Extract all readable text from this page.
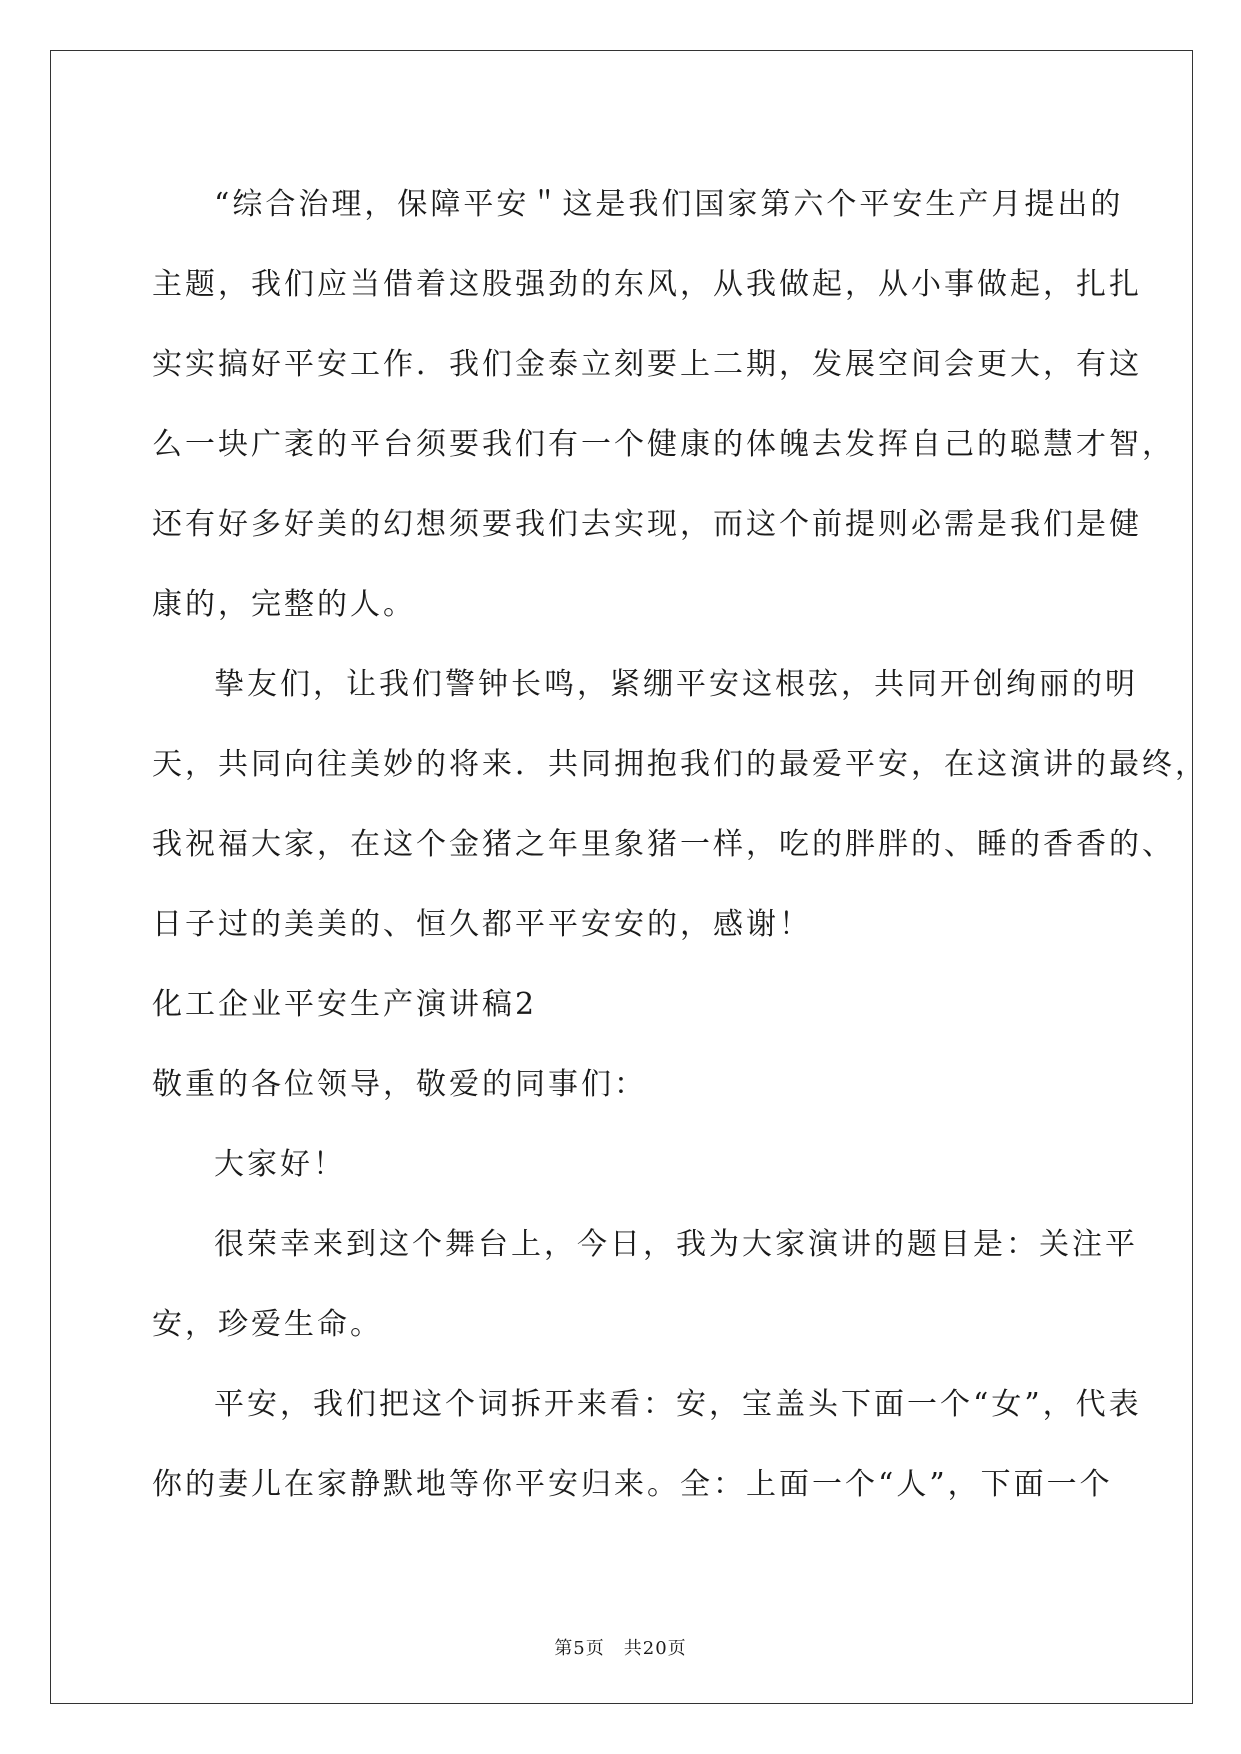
“综合治理，保障平安＂这是我们国家第六个平安生产月提出的
主题，我们应当借着这股强劲的东风，从我做起，从小事做起，扎扎
实实搞好平安工作．我们金泰立刻要上二期，发展空间会更大，有这
么一块广袤的平台须要我们有一个健康的体魄去发挥自己的聪慧才智，
还有好多好美的幻想须要我们去实现，而这个前提则必需是我们是健
康的，完整的人。

挚友们，让我们警钟长鸣，紧绷平安这根弦，共同开创绚丽的明
天，共同向往美妙的将来．共同拥抱我们的最爱平安，在这演讲的最终，
我祝福大家，在这个金猪之年里象猪一样，吃的胖胖的、睡的香香的、
日子过的美美的、恒久都平平安安的，感谢！

化工企业平安生产演讲稿2

敬重的各位领导，敬爱的同事们：

大家好！

很荣幸来到这个舞台上，今日，我为大家演讲的题目是：关注平
安，珍爱生命。

平安，我们把这个词拆开来看：安，宝盖头下面一个“女”，代表
你的妻儿在家静默地等你平安归来。全：上面一个“人”，下面一个

第5页　共20页
